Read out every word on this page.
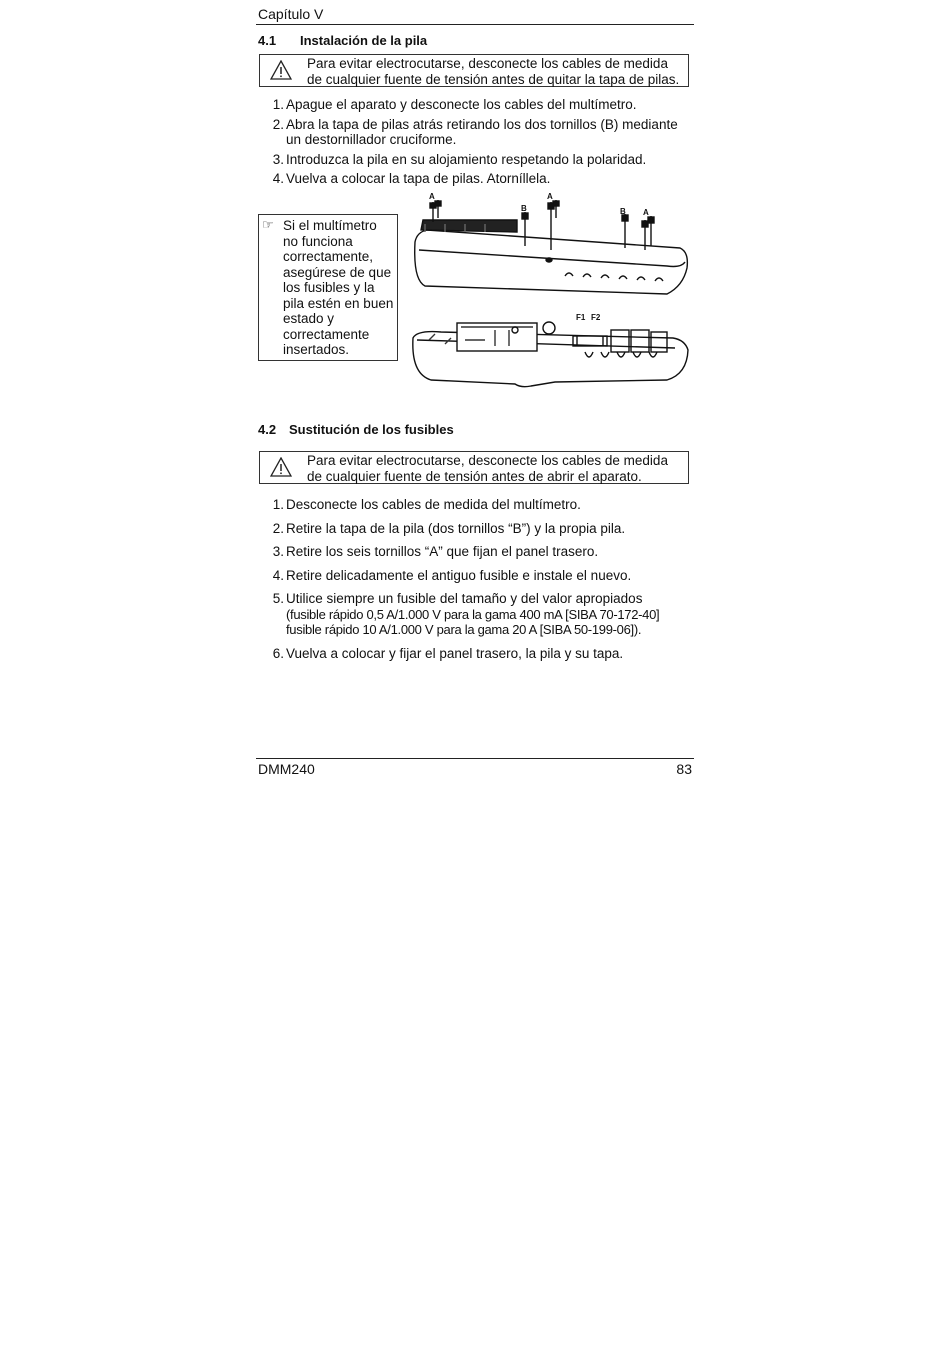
Capítulo V
4.1 Instalación de la pila
Para evitar electrocutarse, desconecte los cables de medida
de cualquier fuente de tensión antes de quitar la tapa de pilas.
1. Apague el aparato y desconecte los cables del multímetro.
2. Abra la tapa de pilas atrás retirando los dos tornillos (B) mediante un destornillador cruciforme.
3. Introduzca la pila en su alojamiento respetando la polaridad.
4. Vuelva a colocar la tapa de pilas. Atorníllela.
☞ Si el multímetro
no funciona
correctamente,
asegúrese de que
los fusibles y la
pila estén en buen
estado y
correctamente
insertados.
A
B
A
B A
F1 F2
4.2 Sustitución de los fusibles
Para evitar electrocutarse, desconecte los cables de medida
de cualquier fuente de tensión antes de abrir el aparato.
1. Desconecte los cables de medida del multímetro.
2. Retire la tapa de la pila (dos tornillos “B”) y la propia pila.
3. Retire los seis tornillos “A” que fijan el panel trasero.
4. Retire delicadamente el antiguo fusible e instale el nuevo.
5. Utilice siempre un fusible del tamaño y del valor apropiados
(fusible rápido 0,5 A/1.000 V para la gama 400 mA [SIBA 70-172-40]
fusible rápido 10 A/1.000 V para la gama 20 A [SIBA 50-199-06]).
6. Vuelva a colocar y fijar el panel trasero, la pila y su tapa.
DMM240	83
